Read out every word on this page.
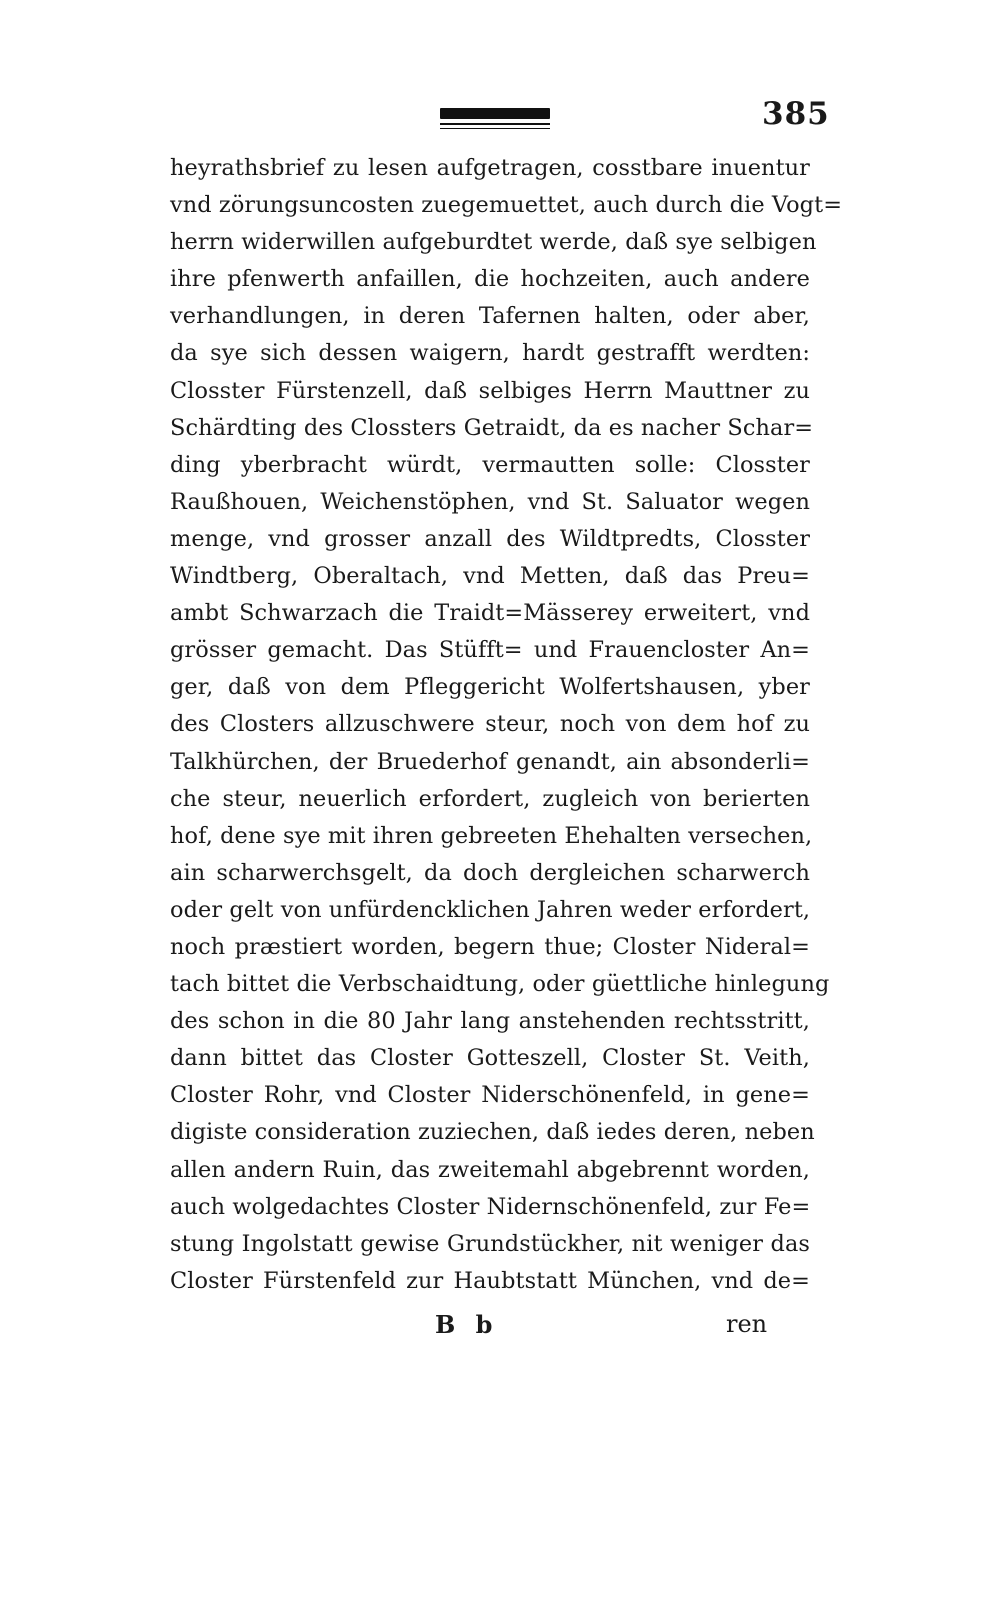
385
heyrathsbrief zu lesen aufgetragen, cosstbare inuentur
vnd zörungsuncosten zuegemuettet, auch durch die Vogt=
herrn widerwillen aufgeburdtet werde, daß sye selbigen
ihre pfenwerth anfaillen, die hochzeiten, auch andere
verhandlungen, in deren Tafernen halten, oder aber,
da sye sich dessen waigern, hardt gestrafft werdten:
Closster Fürstenzell, daß selbiges Herrn Mauttner zu
Schärdting des Clossters Getraidt, da es nacher Schar=
ding yberbracht würdt, vermautten solle: Closster
Raußhouen, Weichenstöphen, vnd St. Saluator wegen
menge, vnd grosser anzall des Wildtpredts, Closster
Windtberg, Oberaltach, vnd Metten, daß das Preu=
ambt Schwarzach die Traidt=Mässerey erweitert, vnd
grösser gemacht. Das Stüfft= und Frauencloster An=
ger, daß von dem Pfleggericht Wolfertshausen, yber
des Closters allzuschwere steur, noch von dem hof zu
Talkhürchen, der Bruederhof genandt, ain absonderli=
che steur, neuerlich erfordert, zugleich von berierten
hof, dene sye mit ihren gebreeten Ehehalten versechen,
ain scharwerchsgelt, da doch dergleichen scharwerch
oder gelt von unfürdencklichen Jahren weder erfordert,
noch præstiert worden, begern thue; Closter Nideral=
tach bittet die Verbschaidtung, oder güettliche hinlegung
des schon in die 80 Jahr lang anstehenden rechtsstritt,
dann bittet das Closter Gotteszell, Closter St. Veith,
Closter Rohr, vnd Closter Niderschönenfeld, in gene=
digiste consideration zuziechen, daß iedes deren, neben
allen andern Ruin, das zweitemahl abgebrennt worden,
auch wolgedachtes Closter Nidernschönenfeld, zur Fe=
stung Ingolstatt gewise Grundstückher, nit weniger das
Closter Fürstenfeld zur Haubtstatt München, vnd de=
B b	ren
